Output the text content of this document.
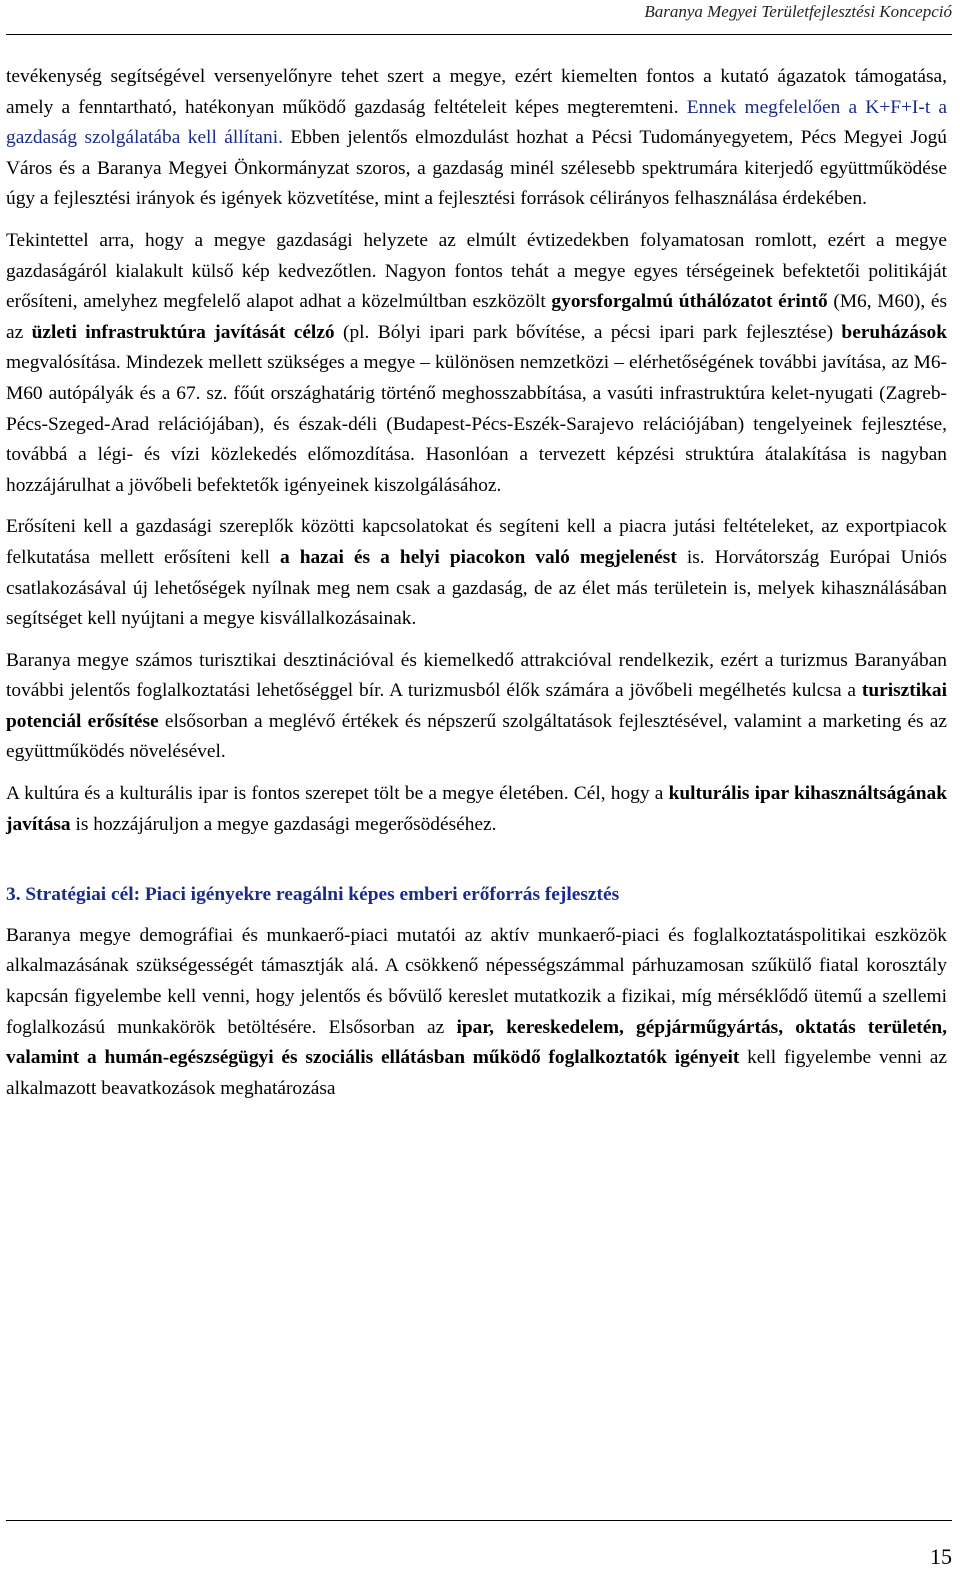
Baranya Megyei Területfejlesztési Koncepció

tevékenység segítségével versenyelőnyre tehet szert a megye, ezért kiemelten fontos a kutató ágazatok támogatása, amely a fenntartható, hatékonyan működő gazdaság feltételeit képes megteremteni. Ennek megfelelően a K+F+I-t a gazdaság szolgálatába kell állítani. Ebben jelentős elmozdulást hozhat a Pécsi Tudományegyetem, Pécs Megyei Jogú Város és a Baranya Megyei Önkormányzat szoros, a gazdaság minél szélesebb spektrumára kiterjedő együttműködése úgy a fejlesztési irányok és igények közvetítése, mint a fejlesztési források célirányos felhasználása érdekében.

Tekintettel arra, hogy a megye gazdasági helyzete az elmúlt évtizedekben folyamatosan romlott, ezért a megye gazdaságáról kialakult külső kép kedvezőtlen. Nagyon fontos tehát a megye egyes térségeinek befektetői politikáját erősíteni, amelyhez megfelelő alapot adhat a közelmúltban eszközölt gyorsforgalmú úthálózatot érintő (M6, M60), és az üzleti infrastruktúra javítását célzó (pl. Bólyi ipari park bővítése, a pécsi ipari park fejlesztése) beruházások megvalósítása. Mindezek mellett szükséges a megye – különösen nemzetközi – elérhetőségének további javítása, az M6-M60 autópályák és a 67. sz. főút országhatárig történő meghosszabbítása, a vasúti infrastruktúra kelet-nyugati (Zagreb-Pécs-Szeged-Arad relációjában), és észak-déli (Budapest-Pécs-Eszék-Sarajevo relációjában) tengelyeinek fejlesztése, továbbá a légi- és vízi közlekedés előmozdítása. Hasonlóan a tervezett képzési struktúra átalakítása is nagyban hozzájárulhat a jövőbeli befektetők igényeinek kiszolgálásához.

Erősíteni kell a gazdasági szereplők közötti kapcsolatokat és segíteni kell a piacra jutási feltételeket, az exportpiacok felkutatása mellett erősíteni kell a hazai és a helyi piacokon való megjelenést is. Horvátország Európai Uniós csatlakozásával új lehetőségek nyílnak meg nem csak a gazdaság, de az élet más területein is, melyek kihasználásában segítséget kell nyújtani a megye kisvállalkozásainak.

Baranya megye számos turisztikai desztinációval és kiemelkedő attrakcióval rendelkezik, ezért a turizmus Baranyában további jelentős foglalkoztatási lehetőséggel bír. A turizmusból élők számára a jövőbeli megélhetés kulcsa a turisztikai potenciál erősítése elsősorban a meglévő értékek és népszerű szolgáltatások fejlesztésével, valamint a marketing és az együttműködés növelésével.

A kultúra és a kulturális ipar is fontos szerepet tölt be a megye életében. Cél, hogy a kulturális ipar kihasználtságának javítása is hozzájáruljon a megye gazdasági megerősödéséhez.

3. Stratégiai cél: Piaci igényekre reagálni képes emberi erőforrás fejlesztés

Baranya megye demográfiai és munkaerő-piaci mutatói az aktív munkaerő-piaci és foglalkoztatáspolitikai eszközök alkalmazásának szükségességét támasztják alá. A csökkenő népességszámmal párhuzamosan szűkülő fiatal korosztály kapcsán figyelembe kell venni, hogy jelentős és bővülő kereslet mutatkozik a fizikai, míg mérséklődő ütemű a szellemi foglalkozású munkakörök betöltésére. Elsősorban az ipar, kereskedelem, gépjárműgyártás, oktatás területén, valamint a humán-egészségügyi és szociális ellátásban működő foglalkoztatók igényeit kell figyelembe venni az alkalmazott beavatkozások meghatározása

15
